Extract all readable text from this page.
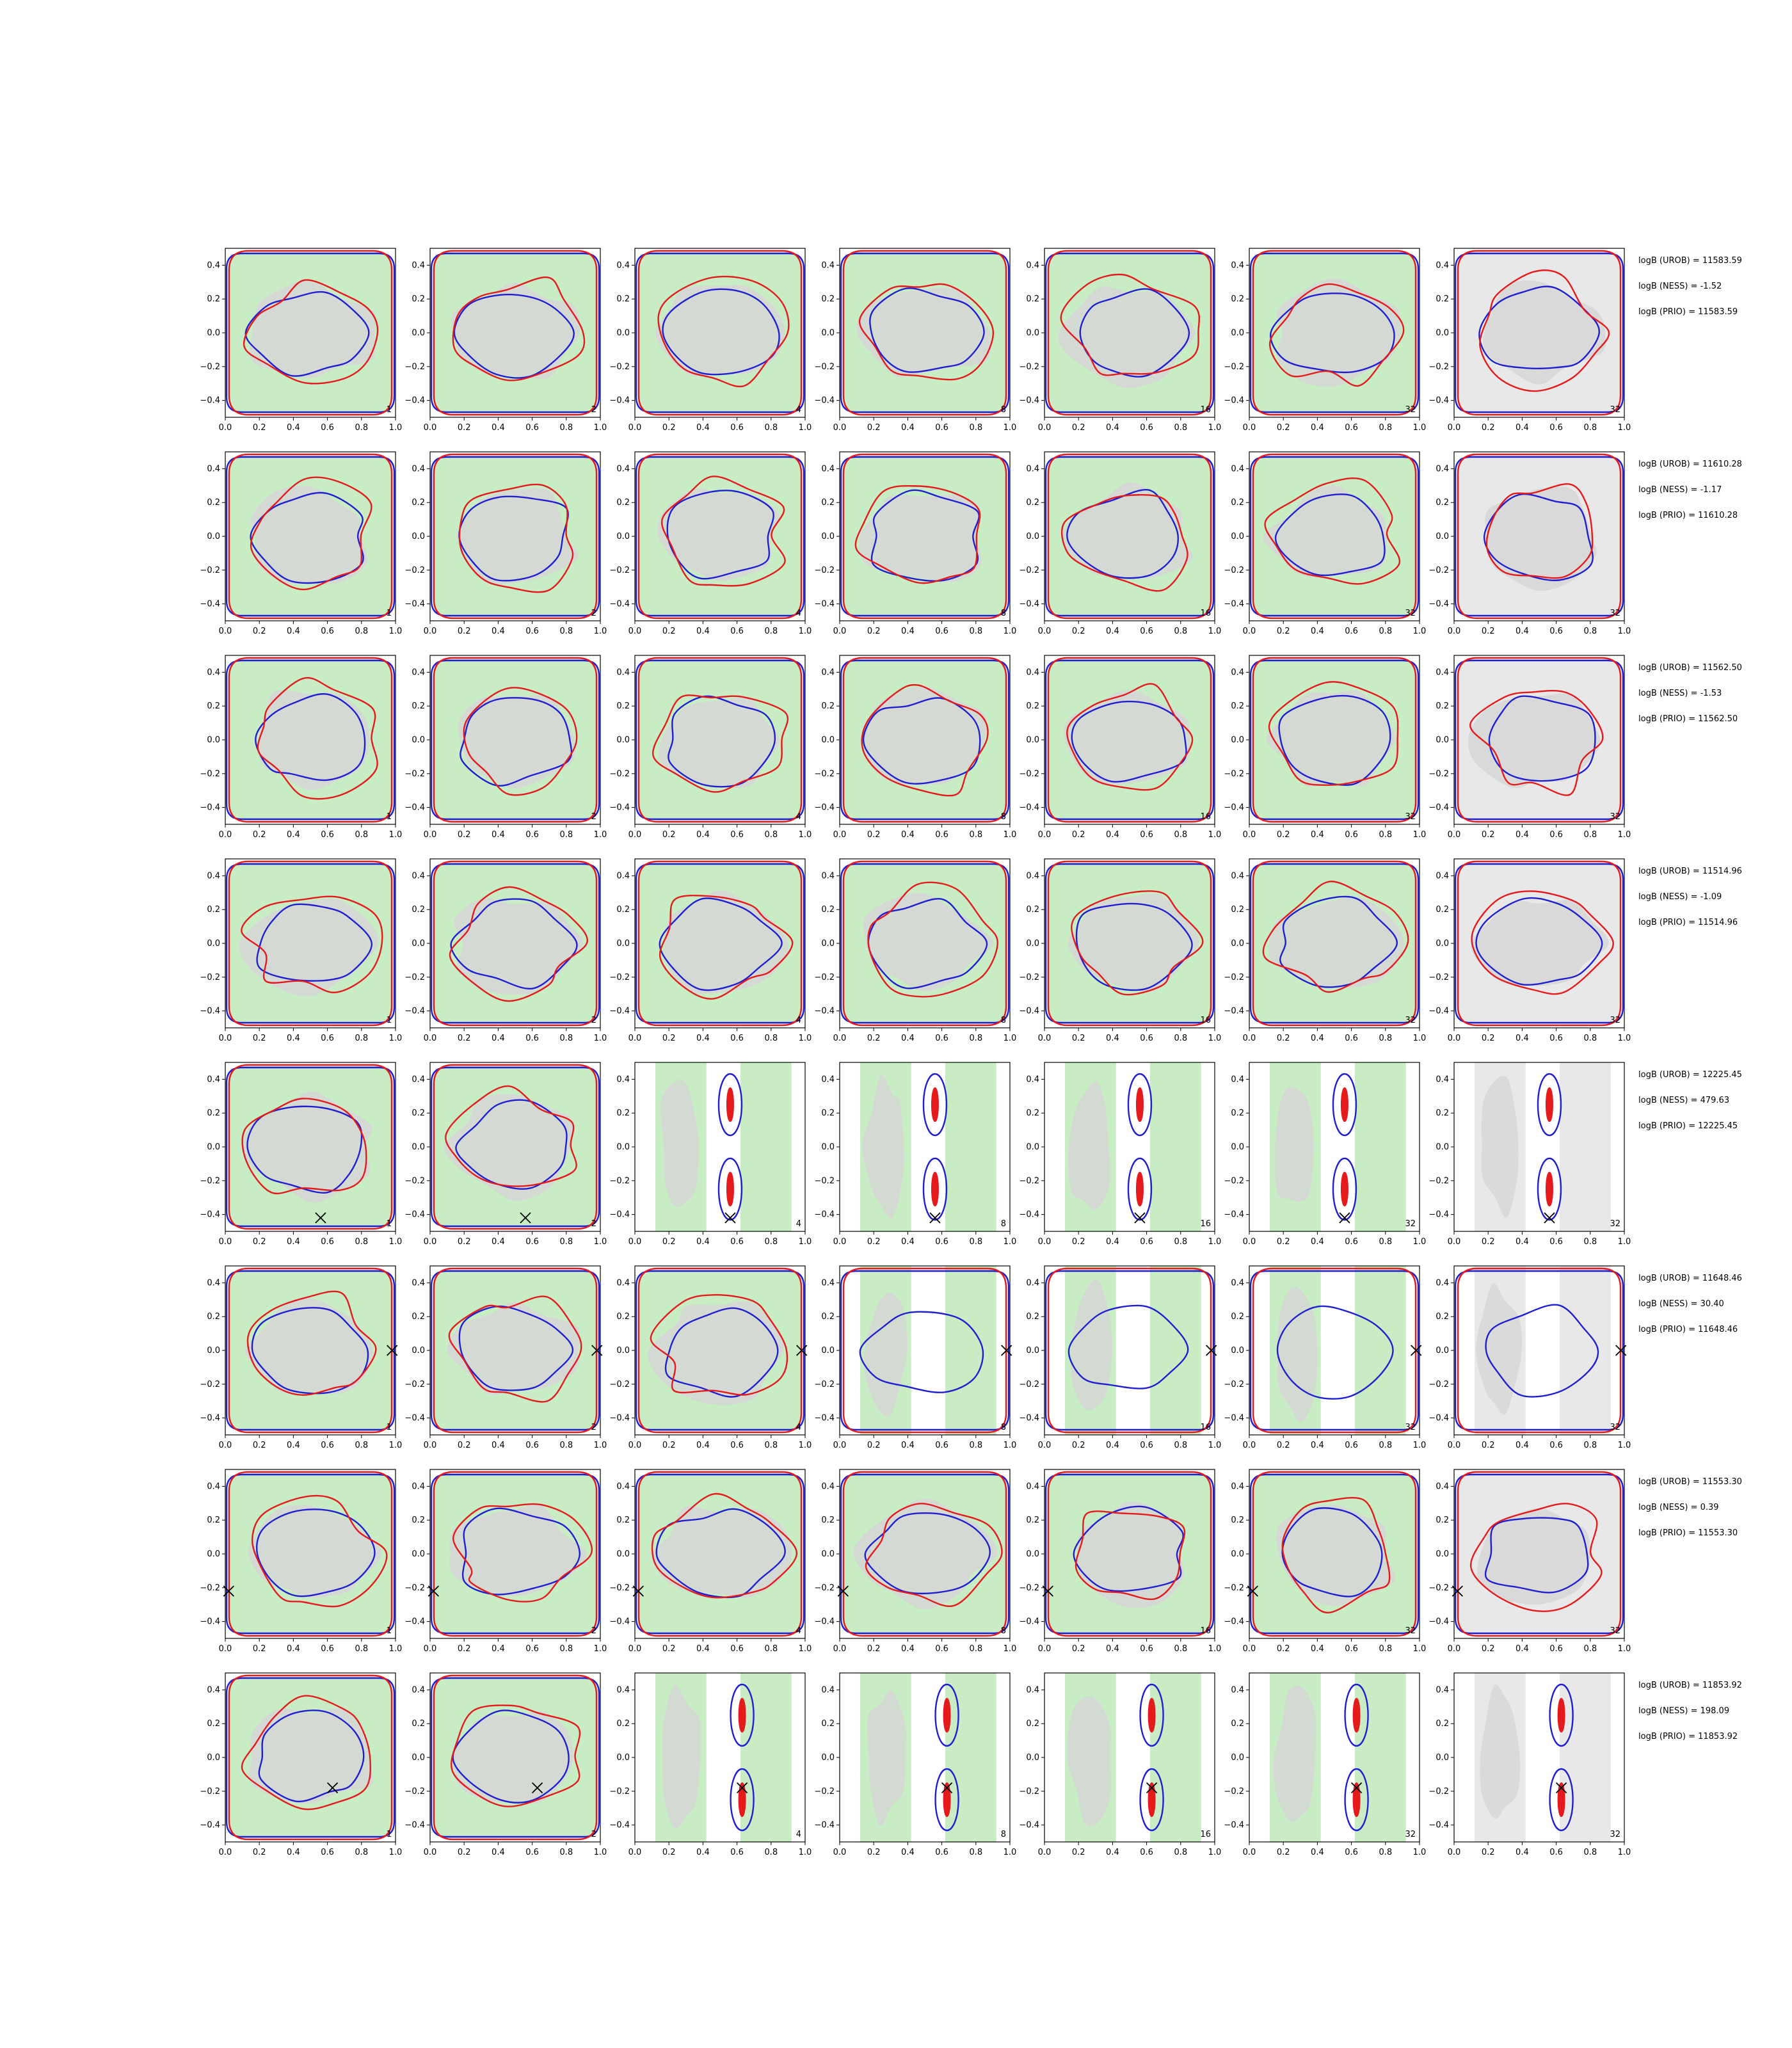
1
0.4
0.2
0.0
−0.2
−0.4
0.0	0.2	0.4	0.6	0.8	1.0
2
0.4
0.2
0.0
−0.2
−0.4
0.0	0.2	0.4	0.6	0.8	1.0
4
0.4
0.2
0.0
−0.2
−0.4
0.0	0.2	0.4	0.6	0.8	1.0
8
0.4
0.2
0.0
−0.2
−0.4
0.0	0.2	0.4	0.6	0.8	1.0
16
0.4
0.2
0.0
−0.2
−0.4
0.0	0.2	0.4	0.6	0.8	1.0
32
0.4
0.2
0.0
−0.2
−0.4
0.0	0.2	0.4	0.6	0.8	1.0
32
0.4
0.2
0.0
−0.2
−0.4
0.0	0.2	0.4	0.6	0.8	1.0
1
0.4
0.2
0.0
−0.2
−0.4
0.0	0.2	0.4	0.6	0.8	1.0
2
0.4
0.2
0.0
−0.2
−0.4
0.0	0.2	0.4	0.6	0.8	1.0
4
0.4
0.2
0.0
−0.2
−0.4
0.0	0.2	0.4	0.6	0.8	1.0
8
0.4
0.2
0.0
−0.2
−0.4
0.0	0.2	0.4	0.6	0.8	1.0
16
0.4
0.2
0.0
−0.2
−0.4
0.0	0.2	0.4	0.6	0.8	1.0
32
0.4
0.2
0.0
−0.2
−0.4
0.0	0.2	0.4	0.6	0.8	1.0
32
0.4
0.2
0.0
−0.2
−0.4
0.0	0.2	0.4	0.6	0.8	1.0
1
0.4
0.2
0.0
−0.2
−0.4
0.0	0.2	0.4	0.6	0.8	1.0
2
0.4
0.2
0.0
−0.2
−0.4
0.0	0.2	0.4	0.6	0.8	1.0
4
0.4
0.2
0.0
−0.2
−0.4
0.0	0.2	0.4	0.6	0.8	1.0
8
0.4
0.2
0.0
−0.2
−0.4
0.0	0.2	0.4	0.6	0.8	1.0
16
0.4
0.2
0.0
−0.2
−0.4
0.0	0.2	0.4	0.6	0.8	1.0
32
0.4
0.2
0.0
−0.2
−0.4
0.0	0.2	0.4	0.6	0.8	1.0
32
0.4
0.2
0.0
−0.2
−0.4
0.0	0.2	0.4	0.6	0.8	1.0
1
0.4
0.2
0.0
−0.2
−0.4
0.0	0.2	0.4	0.6	0.8	1.0
2
0.4
0.2
0.0
−0.2
−0.4
0.0	0.2	0.4	0.6	0.8	1.0
4
0.4
0.2
0.0
−0.2
−0.4
0.0	0.2	0.4	0.6	0.8	1.0
8
0.4
0.2
0.0
−0.2
−0.4
0.0	0.2	0.4	0.6	0.8	1.0
16
0.4
0.2
0.0
−0.2
−0.4
0.0	0.2	0.4	0.6	0.8	1.0
32
0.4
0.2
0.0
−0.2
−0.4
0.0	0.2	0.4	0.6	0.8	1.0
32
0.4
0.2
0.0
−0.2
−0.4
0.0	0.2	0.4	0.6	0.8	1.0
1
0.4
0.2
0.0
−0.2
−0.4
0.0	0.2	0.4	0.6	0.8	1.0
2
0.4
0.2
0.0
−0.2
−0.4
0.0	0.2	0.4	0.6	0.8	1.0
4
0.4
0.2
0.0
−0.2
−0.4
0.0	0.2	0.4	0.6	0.8	1.0
8
0.4
0.2
0.0
−0.2
−0.4
0.0	0.2	0.4	0.6	0.8	1.0
16
0.4
0.2
0.0
−0.2
−0.4
0.0	0.2	0.4	0.6	0.8	1.0
32
0.4
0.2
0.0
−0.2
−0.4
0.0	0.2	0.4	0.6	0.8	1.0
32
0.4
0.2
0.0
−0.2
−0.4
0.0	0.2	0.4	0.6	0.8	1.0
1
0.4
0.2
0.0
−0.2
−0.4
0.0	0.2	0.4	0.6	0.8	1.0
2
0.4
0.2
0.0
−0.2
−0.4
0.0	0.2	0.4	0.6	0.8	1.0
4
0.4
0.2
0.0
−0.2
−0.4
0.0	0.2	0.4	0.6	0.8	1.0
8
0.4
0.2
0.0
−0.2
−0.4
0.0	0.2	0.4	0.6	0.8	1.0
16
0.4
0.2
0.0
−0.2
−0.4
0.0	0.2	0.4	0.6	0.8	1.0
32
0.4
0.2
0.0
−0.2
−0.4
0.0	0.2	0.4	0.6	0.8	1.0
32
0.4
0.2
0.0
−0.2
−0.4
0.0	0.2	0.4	0.6	0.8	1.0
1
0.4
0.2
0.0
−0.2
−0.4
0.0	0.2	0.4	0.6	0.8	1.0
2
0.4
0.2
0.0
−0.2
−0.4
0.0	0.2	0.4	0.6	0.8	1.0
4
0.4
0.2
0.0
−0.2
−0.4
0.0	0.2	0.4	0.6	0.8	1.0
8
0.4
0.2
0.0
−0.2
−0.4
0.0	0.2	0.4	0.6	0.8	1.0
16
0.4
0.2
0.0
−0.2
−0.4
0.0	0.2	0.4	0.6	0.8	1.0
32
0.4
0.2
0.0
−0.2
−0.4
0.0	0.2	0.4	0.6	0.8	1.0
32
0.4
0.2
0.0
−0.2
−0.4
0.0	0.2	0.4	0.6	0.8	1.0
1
0.4
0.2
0.0
−0.2
−0.4
0.0	0.2	0.4	0.6	0.8	1.0
2
0.4
0.2
0.0
−0.2
−0.4
0.0	0.2	0.4	0.6	0.8	1.0
4
0.4
0.2
0.0
−0.2
−0.4
0.0	0.2	0.4	0.6	0.8	1.0
8
0.4
0.2
0.0
−0.2
−0.4
0.0	0.2	0.4	0.6	0.8	1.0
16
0.4
0.2
0.0
−0.2
−0.4
0.0	0.2	0.4	0.6	0.8	1.0
32
0.4
0.2
0.0
−0.2
−0.4
0.0	0.2	0.4	0.6	0.8	1.0
32
0.4
0.2
0.0
−0.2
−0.4
0.0	0.2	0.4	0.6	0.8	1.0
logB (UROB) = 11583.59
logB (NESS) = -1.52
logB (PRIO) = 11583.59
logB (UROB) = 11610.28
logB (NESS) = -1.17
logB (PRIO) = 11610.28
logB (UROB) = 11562.50
logB (NESS) = -1.53
logB (PRIO) = 11562.50
logB (UROB) = 11514.96
logB (NESS) = -1.09
logB (PRIO) = 11514.96
logB (UROB) = 12225.45
logB (NESS) = 479.63
logB (PRIO) = 12225.45
logB (UROB) = 11648.46
logB (NESS) = 30.40
logB (PRIO) = 11648.46
logB (UROB) = 11553.30
logB (NESS) = 0.39
logB (PRIO) = 11553.30
logB (UROB) = 11853.92
logB (NESS) = 198.09
logB (PRIO) = 11853.92
